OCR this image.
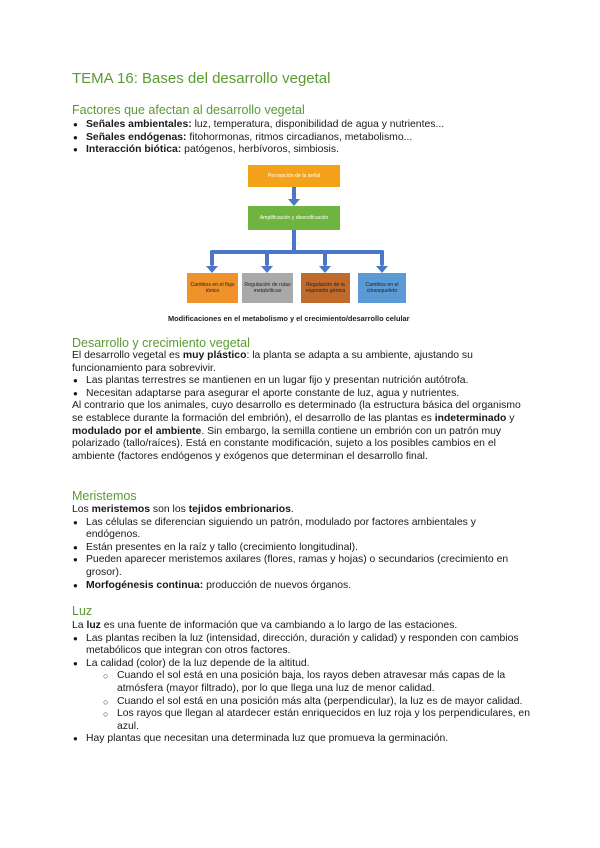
TEMA 16: Bases del desarrollo vegetal
Factores que afectan al desarrollo vegetal
● Señales ambientales: luz, temperatura, disponibilidad de agua y nutrientes...
● Señales endógenas: fitohormonas, ritmos circadianos, metabolismo...
● Interacción biótica: patógenos, herbívoros, simbiosis.
Percepción de la señal
Amplificación y diversificación
Cambios en el flujo iónico
Regulación de rutas metabólicas
Regulación de la expresión génica
Cambios en el citoesqueleto
Modificaciones en el metabolismo y el crecimiento/desarrollo celular
Desarrollo y crecimiento vegetal

El desarrollo vegetal es muy plástico: la planta se adapta a su ambiente, ajustando su funcionamiento para sobrevivir.

● Las plantas terrestres se mantienen en un lugar fijo y presentan nutrición autótrofa.
● Necesitan adaptarse para asegurar el aporte constante de luz, agua y nutrientes.

Al contrario que los animales, cuyo desarrollo es determinado (la estructura básica del organismo se establece durante la formación del embrión), el desarrollo de las plantas es indeterminado y modulado por el ambiente. Sin embargo, la semilla contiene un embrión con un patrón muy polarizado (tallo/raíces). Está en constante modificación, sujeto a los posibles cambios en el ambiente (factores endógenos y exógenos que determinan el desarrollo final.

Meristemos

Los meristemos son los tejidos embrionarios.

● Las células se diferencian siguiendo un patrón, modulado por factores ambientales y endógenos.
● Están presentes en la raíz y tallo (crecimiento longitudinal).
● Pueden aparecer meristemos axilares (flores, ramas y hojas) o secundarios (crecimiento en grosor).
● Morfogénesis continua: producción de nuevos órganos.
Luz

La luz es una fuente de información que va cambiando a lo largo de las estaciones.

● Las plantas reciben la luz (intensidad, dirección, duración y calidad) y responden con cambios metabólicos que integran con otros factores.
● La calidad (color) de la luz depende de la altitud.
○ Cuando el sol está en una posición baja, los rayos deben atravesar más capas de la atmósfera (mayor filtrado), por lo que llega una luz de menor calidad.
○ Cuando el sol está en una posición más alta (perpendicular), la luz es de mayor calidad.
○ Los rayos que llegan al atardecer están enriquecidos en luz roja y los perpendiculares, en azul.
● Hay plantas que necesitan una determinada luz que promueva la germinación.
